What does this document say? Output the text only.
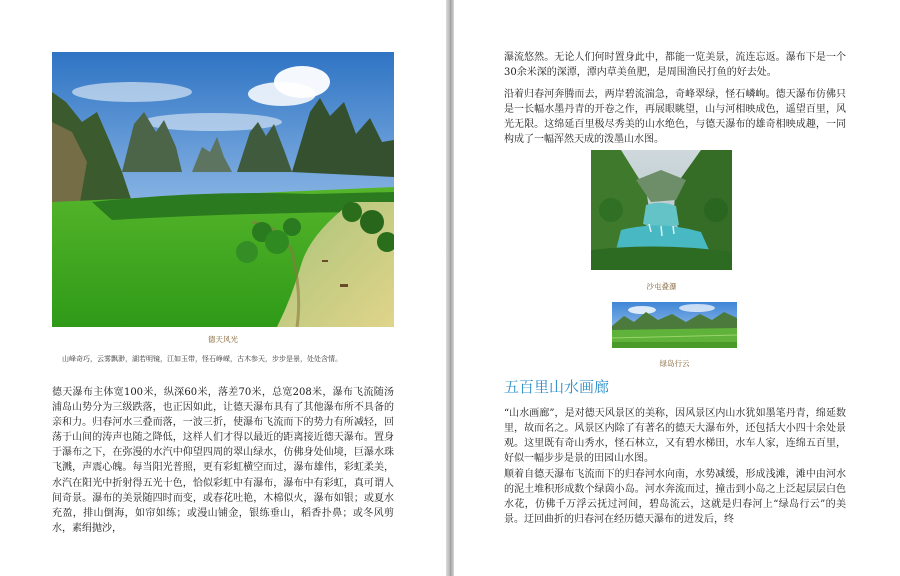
德天风光
山峰奇巧，云雾飘渺，湖若明镜，江如玉带，怪石峥嵘，古木参天，步步是景，处处含情。
德天瀑布主体宽100米，纵深60米，落差70米，总宽208米，瀑布飞流随汤浦岛山势分为三级跌落，也正因如此，让德天瀑布具有了其他瀑布所不具备的亲和力。归春河水三叠而落，一波三折，使瀑布飞流而下的势力有所减轻，回荡于山间的涛声也随之降低，这样人们才得以最近的距离接近德天瀑布。置身于瀑布之下，在弥漫的水汽中仰望四周的翠山绿水，仿佛身处仙境，巨瀑水珠飞溅，声震心魄。每当阳光普照，更有彩虹横空而过，瀑布雄伟，彩虹柔美，水汽在阳光中折射得五光十色，恰似彩虹中有瀑布，瀑布中有彩虹，真可谓人间奇景。瀑布的美景随四时而变，或春花吐艳，木棉似火，瀑布如银；或夏水充盈，排山倒海，如帘如练；或漫山铺金，银练垂山，稻香扑鼻；或冬风剪水，素绢抛沙，
瀑流悠然。无论人们何时置身此中，都能一览美景，流连忘返。瀑布下是一个30余米深的深潭，潭内草美鱼肥，是周围渔民打鱼的好去处。
沿着归春河奔腾而去，两岸碧流湍急，奇峰翠绿，怪石嶙峋。德天瀑布仿佛只是一长幅水墨丹青的开卷之作，再展眼眺望，山与河相映成色，遥望百里，风光无限。这绵延百里极尽秀美的山水绝色，与德天瀑布的雄奇相映成趣，一同构成了一幅浑然天成的泼墨山水图。
沙屯叠瀑
绿岛行云
五百里山水画廊
“山水画廊”，是对德天风景区的美称，因风景区内山水犹如墨笔丹青，绵延数里，故而名之。风景区内除了有著名的德天大瀑布外，还包括大小四十余处景观。这里既有奇山秀水，怪石林立，又有碧水梯田，水车人家，连绵五百里，好似一幅步步是景的田园山水图。
顺着自德天瀑布飞流而下的归春河水向南，水势减缓，形成浅滩，滩中由河水的泥土堆积形成数个绿茵小岛。河水奔流而过，撞击到小岛之上泛起层层白色水花，仿佛千万浮云抚过河间，碧岛流云，这就是归春河上“绿岛行云”的美景。迂回曲折的归春河在经历德天瀑布的迸发后，终
